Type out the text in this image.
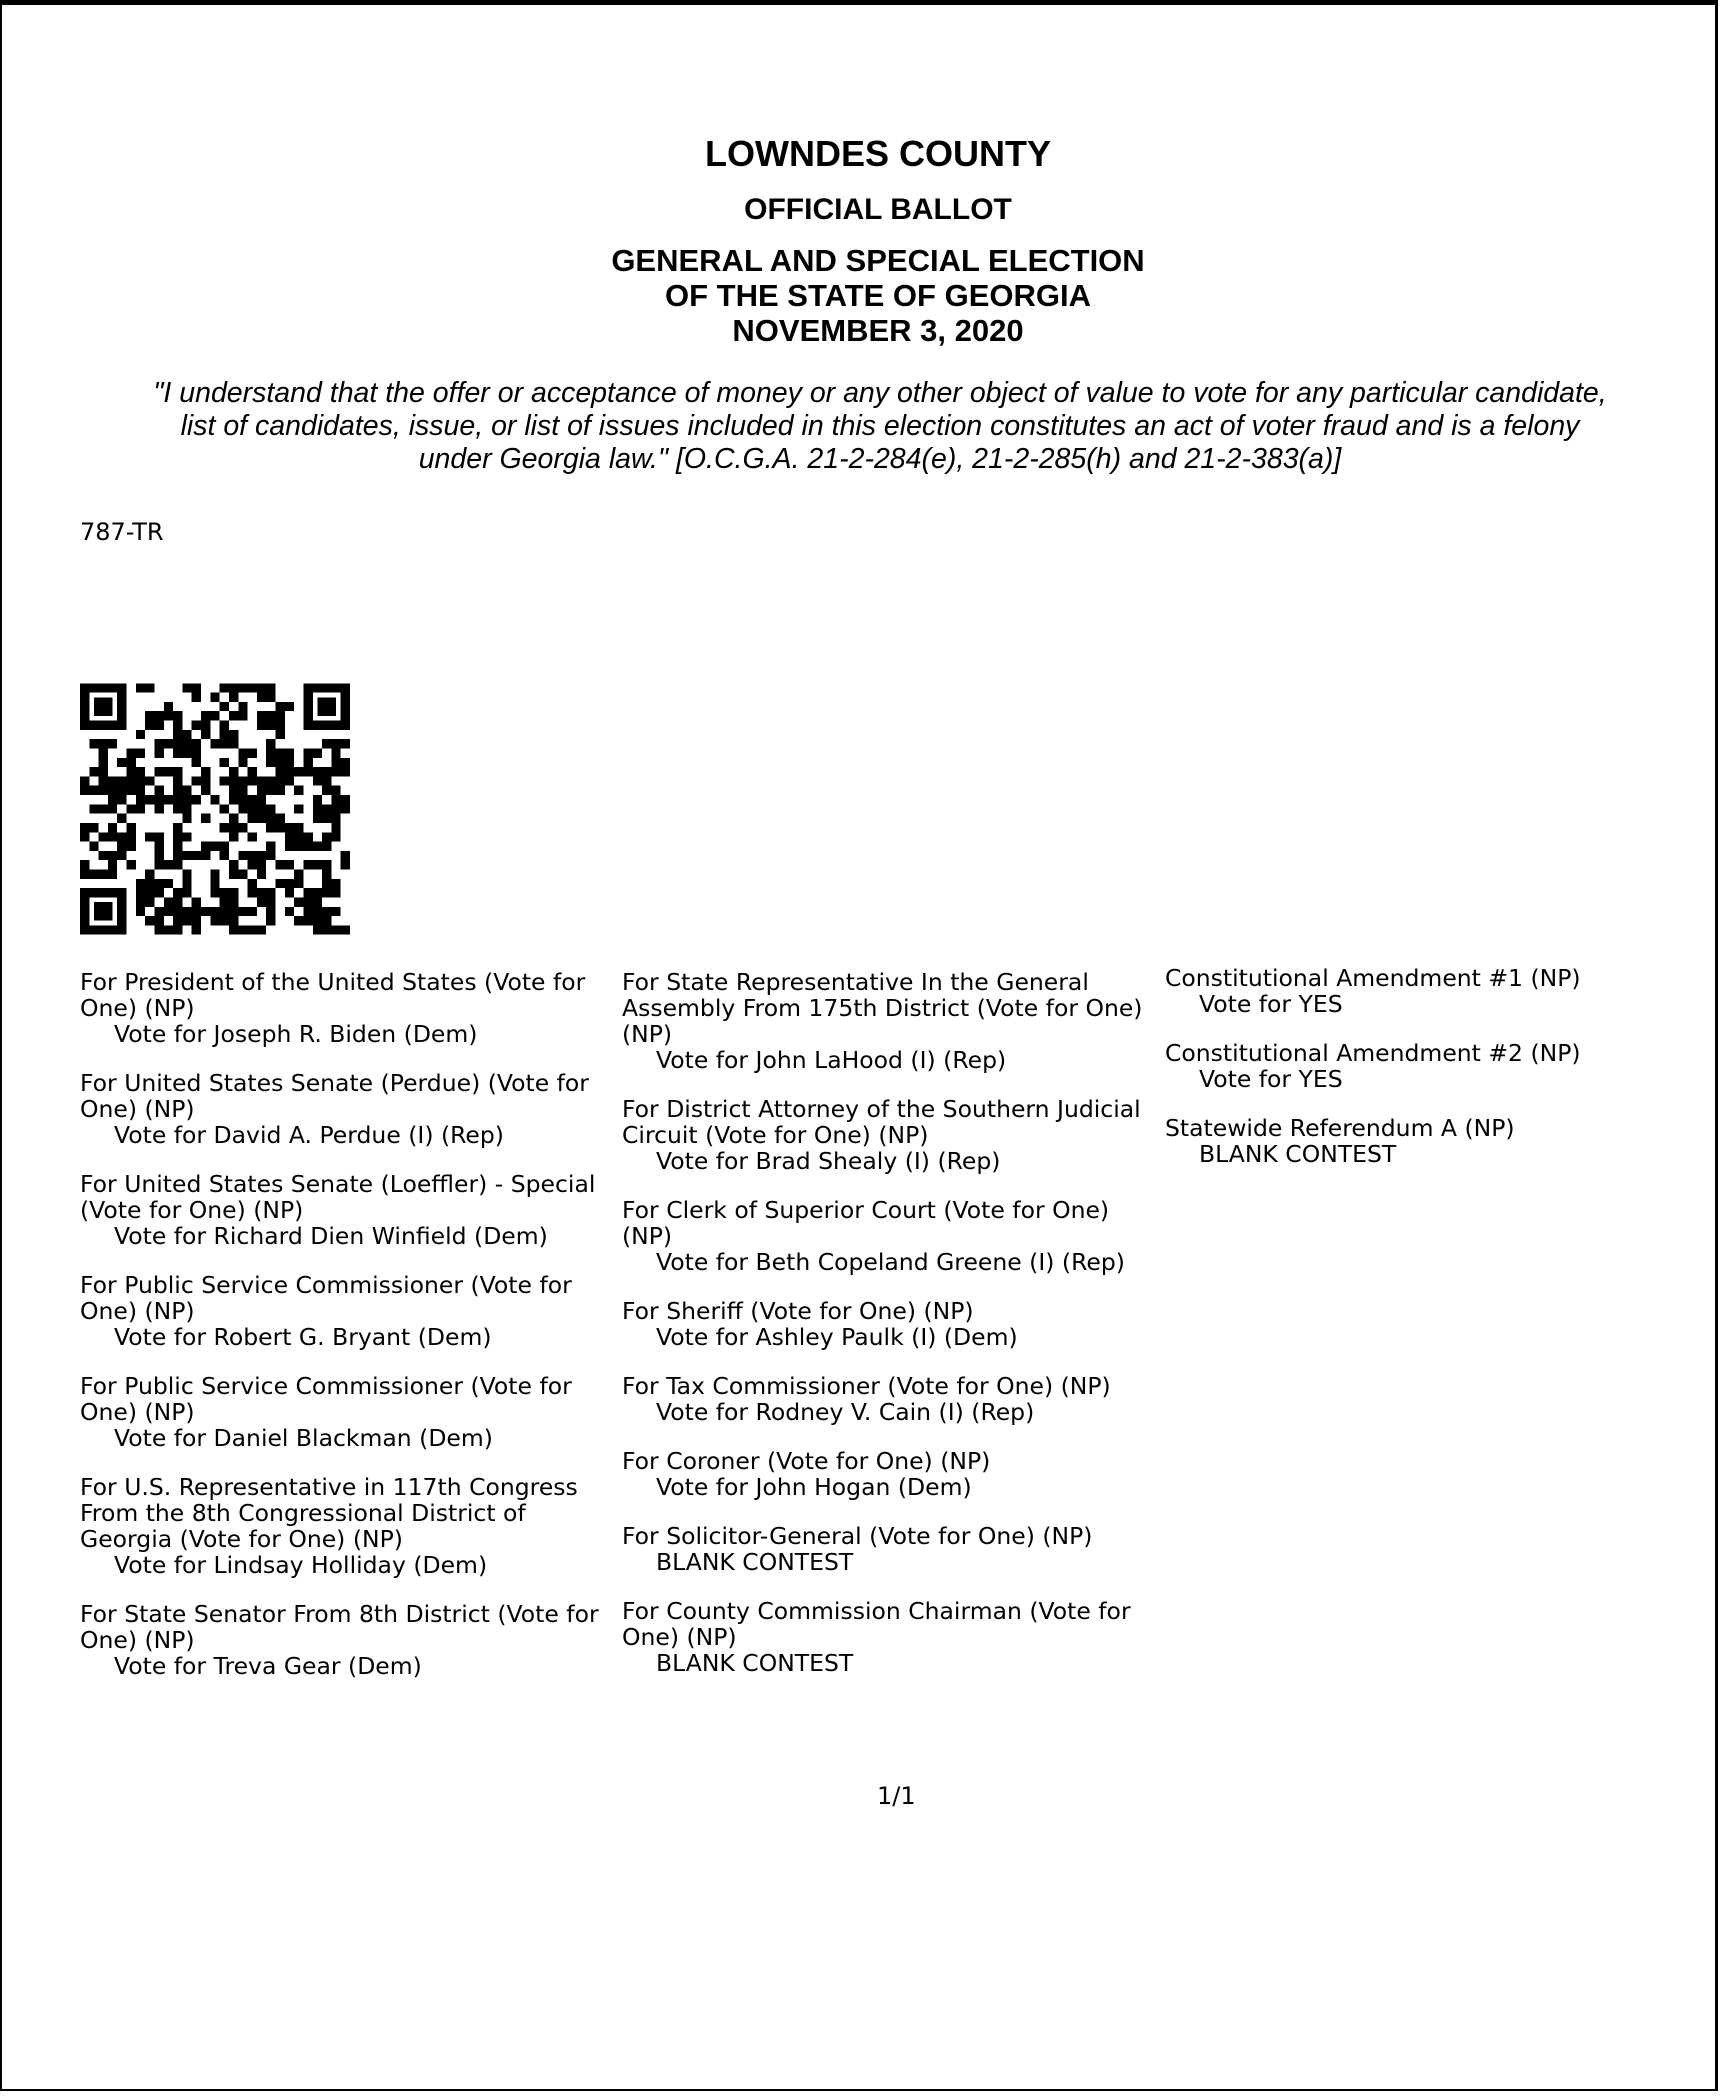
LOWNDES COUNTY
OFFICIAL BALLOT
GENERAL AND SPECIAL ELECTION
OF THE STATE OF GEORGIA
NOVEMBER 3, 2020
"I understand that the offer or acceptance of money or any other object of value to vote for any particular candidate,
list of candidates, issue, or list of issues included in this election constitutes an act of voter fraud and is a felony
under Georgia law." [O.C.G.A. 21-2-284(e), 21-2-285(h) and 21-2-383(a)]
787-TR
For President of the United States (Vote for One) (NP)
Vote for Joseph R. Biden (Dem)
For United States Senate (Perdue) (Vote for One) (NP)
Vote for David A. Perdue (I) (Rep)
For United States Senate (Loeffler) - Special (Vote for One) (NP)
Vote for Richard Dien Winfield (Dem)
For Public Service Commissioner (Vote for One) (NP)
Vote for Robert G. Bryant (Dem)
For Public Service Commissioner (Vote for One) (NP)
Vote for Daniel Blackman (Dem)
For U.S. Representative in 117th Congress From the 8th Congressional District of Georgia (Vote for One) (NP)
Vote for Lindsay Holliday (Dem)
For State Senator From 8th District (Vote for One) (NP)
Vote for Treva Gear (Dem)
For State Representative In the General Assembly From 175th District (Vote for One) (NP)
Vote for John LaHood (I) (Rep)
For District Attorney of the Southern Judicial Circuit (Vote for One) (NP)
Vote for Brad Shealy (I) (Rep)
For Clerk of Superior Court (Vote for One) (NP)
Vote for Beth Copeland Greene (I) (Rep)
For Sheriff (Vote for One) (NP)
Vote for Ashley Paulk (I) (Dem)
For Tax Commissioner (Vote for One) (NP)
Vote for Rodney V. Cain (I) (Rep)
For Coroner (Vote for One) (NP)
Vote for John Hogan (Dem)
For Solicitor-General (Vote for One) (NP)
BLANK CONTEST
For County Commission Chairman (Vote for One) (NP)
BLANK CONTEST
Constitutional Amendment #1 (NP)
Vote for YES
Constitutional Amendment #2 (NP)
Vote for YES
Statewide Referendum A (NP)
BLANK CONTEST
1/1
